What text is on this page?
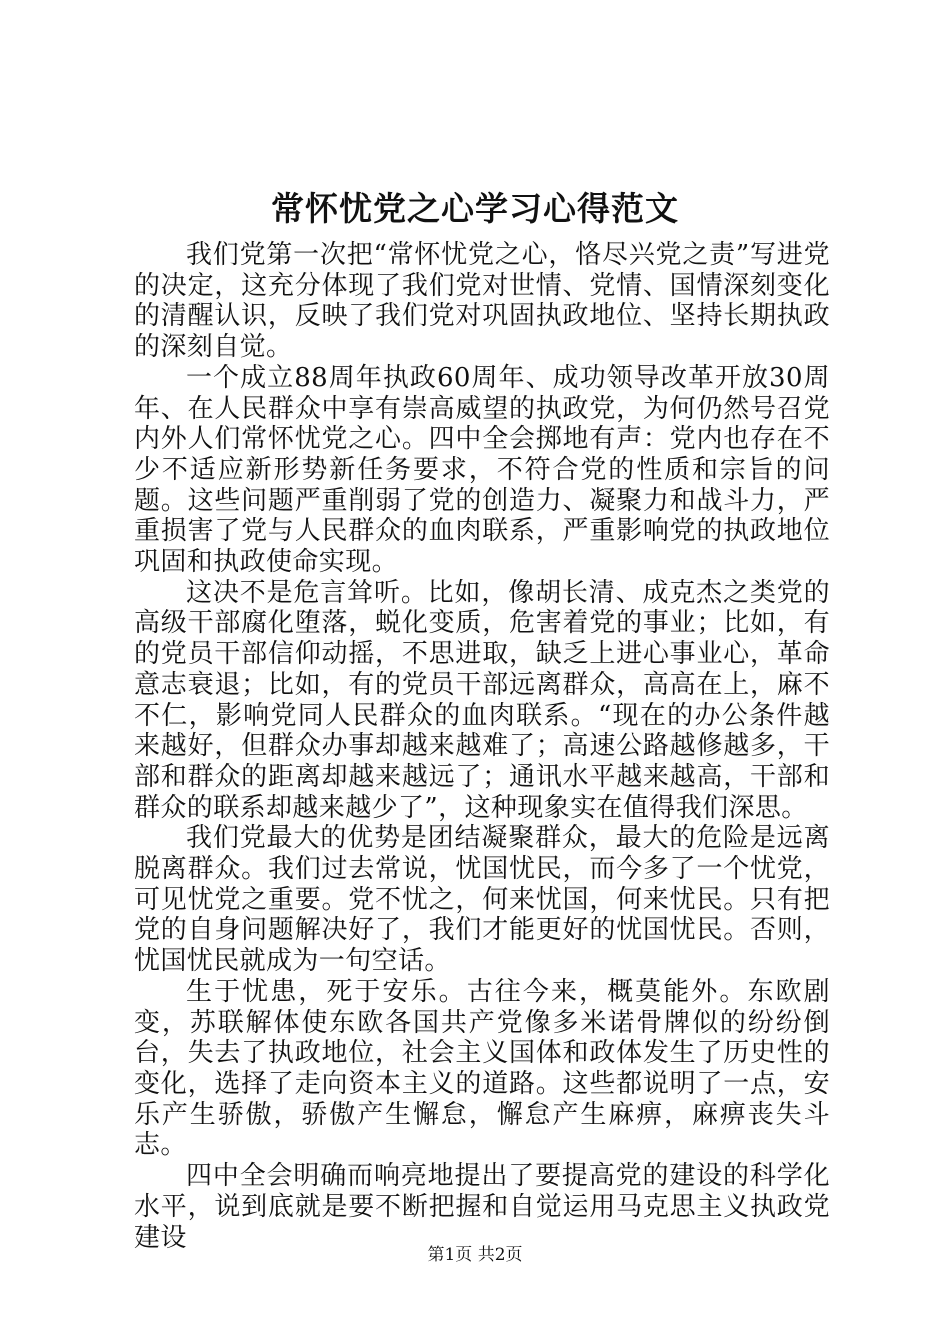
常怀忧党之心学习心得范文

我们党第一次把“常怀忧党之心，恪尽兴党之责”写进党的决定，这充分体现了我们党对世情、党情、国情深刻变化的清醒认识，反映了我们党对巩固执政地位、坚持长期执政的深刻自觉。

一个成立88周年执政60周年、成功领导改革开放30周年、在人民群众中享有崇高威望的执政党，为何仍然号召党内外人们常怀忧党之心。四中全会掷地有声：党内也存在不少不适应新形势新任务要求，不符合党的性质和宗旨的问题。这些问题严重削弱了党的创造力、凝聚力和战斗力，严重损害了党与人民群众的血肉联系，严重影响党的执政地位巩固和执政使命实现。

这决不是危言耸听。比如，像胡长清、成克杰之类党的高级干部腐化堕落，蜕化变质，危害着党的事业；比如，有的党员干部信仰动摇，不思进取，缺乏上进心事业心，革命意志衰退；比如，有的党员干部远离群众，高高在上，麻不不仁，影响党同人民群众的血肉联系。“现在的办公条件越来越好，但群众办事却越来越难了；高速公路越修越多，干部和群众的距离却越来越远了；通讯水平越来越高，干部和群众的联系却越来越少了”，这种现象实在值得我们深思。

我们党最大的优势是团结凝聚群众，最大的危险是远离脱离群众。我们过去常说，忧国忧民，而今多了一个忧党，可见忧党之重要。党不忧之，何来忧国，何来忧民。只有把党的自身问题解决好了，我们才能更好的忧国忧民。否则，忧国忧民就成为一句空话。

生于忧患，死于安乐。古往今来，概莫能外。东欧剧变，苏联解体使东欧各国共产党像多米诺骨牌似的纷纷倒台，失去了执政地位，社会主义国体和政体发生了历史性的变化，选择了走向资本主义的道路。这些都说明了一点，安乐产生骄傲，骄傲产生懈怠，懈怠产生麻痹，麻痹丧失斗志。

四中全会明确而响亮地提出了要提高党的建设的科学化水平，说到底就是要不断把握和自觉运用马克思主义执政党建设

第1页 共2页
